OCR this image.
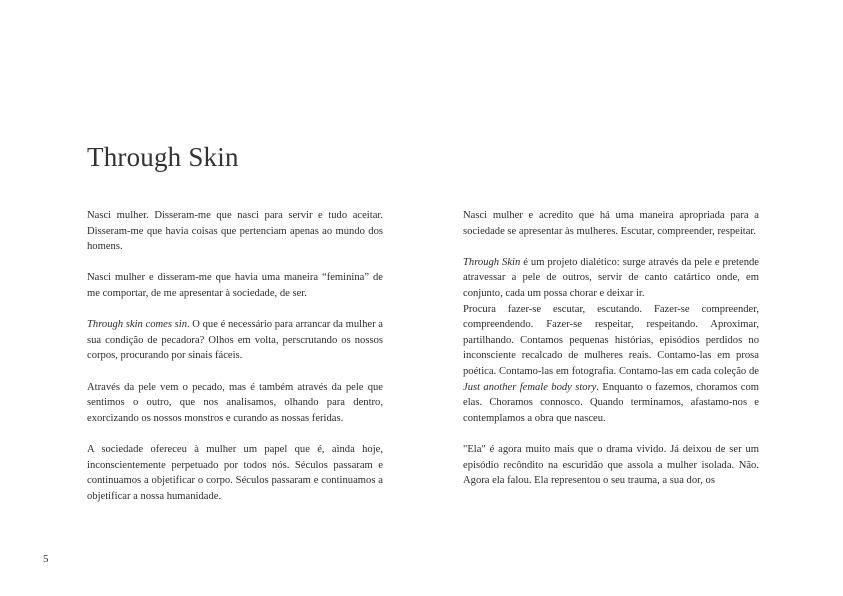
Through Skin

Nasci mulher. Disseram-me que nasci para servir e tudo aceitar. Disseram-me que havia coisas que pertenciam apenas ao mundo dos homens.

Nasci mulher e disseram-me que havia uma maneira “feminina” de me comportar, de me apresentar à sociedade, de ser.

Through skin comes sin. O que é necessário para arrancar da mulher a sua condição de pecadora? Olhos em volta, perscrutando os nossos corpos, procurando por sinais fáceis.

Através da pele vem o pecado, mas é também através da pele que sentimos o outro, que nos analisamos, olhando para dentro, exorcizando os nossos monstros e curando as nossas feridas.

A sociedade ofereceu à mulher um papel que é, ainda hoje, inconscientemente perpetuado por todos nós. Séculos passaram e continuamos a objetificar o corpo. Séculos passaram e continuamos a objetificar a nossa humanidade.

Nasci mulher e acredito que há uma maneira apropriada para a sociedade se apresentar às mulheres. Escutar, compreender, respeitar.

Through Skin é um projeto dialético: surge através da pele e pretende atravessar a pele de outros, servir de canto catártico onde, em conjunto, cada um possa chorar e deixar ir.

Procura fazer-se escutar, escutando. Fazer-se compreender, compreendendo. Fazer-se respeitar, respeitando. Aproximar, partilhando. Contamos pequenas histórias, episódios perdidos no inconsciente recalcado de mulheres reais. Contamo-las em prosa poética. Contamo-las em fotografia. Contamo-las em cada coleção de Just another female body story. Enquanto o fazemos, choramos com elas. Choramos connosco. Quando terminamos, afastamo-nos e contemplamos a obra que nasceu.

"Ela" é agora muito mais que o drama vivido. Já deixou de ser um episódio recôndito na escuridão que assola a mulher isolada. Não. Agora ela falou. Ela representou o seu trauma, a sua dor, os

5
